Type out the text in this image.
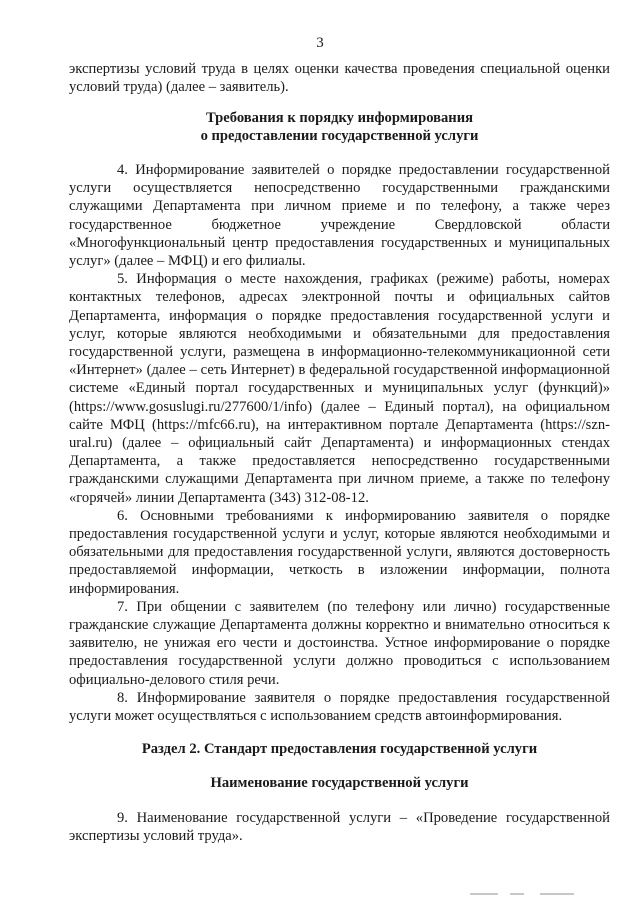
3

экспертизы условий труда в целях оценки качества проведения специальной оценки условий труда) (далее – заявитель).

Требования к порядку информирования

о предоставлении государственной услуги

4. Информирование заявителей о порядке предоставлении государственной услуги осуществляется непосредственно государственными гражданскими служащими Департамента при личном приеме и по телефону, а также через государственное бюджетное учреждение Свердловской области «Многофункциональный центр предоставления государственных и муниципальных услуг» (далее – МФЦ) и его филиалы.

5. Информация о месте нахождения, графиках (режиме) работы, номерах контактных телефонов, адресах электронной почты и официальных сайтов Департамента, информация о порядке предоставления государственной услуги и услуг, которые являются необходимыми и обязательными для предоставления государственной услуги, размещена в информационно-телекоммуникационной сети «Интернет» (далее – сеть Интернет) в федеральной государственной информационной системе «Единый портал государственных и муниципальных услуг (функций)» (https://www.gosuslugi.ru/277600/1/info) (далее – Единый портал), на официальном сайте МФЦ (https://mfc66.ru), на интерактивном портале Департамента (https://szn-ural.ru) (далее – официальный сайт Департамента) и информационных стендах Департамента, а также предоставляется непосредственно государственными гражданскими служащими Департамента при личном приеме, а также по телефону «горячей» линии Департамента (343) 312-08-12.

6. Основными требованиями к информированию заявителя о порядке предоставления государственной услуги и услуг, которые являются необходимыми и обязательными для предоставления государственной услуги, являются достоверность предоставляемой информации, четкость в изложении информации, полнота информирования.

7. При общении с заявителем (по телефону или лично) государственные гражданские служащие Департамента должны корректно и внимательно относиться к заявителю, не унижая его чести и достоинства. Устное информирование о порядке предоставления государственной услуги должно проводиться с использованием официально-делового стиля речи.

8. Информирование заявителя о порядке предоставления государственной услуги может осуществляться с использованием средств автоинформирования.

Раздел 2. Стандарт предоставления государственной услуги

Наименование государственной услуги

9. Наименование государственной услуги – «Проведение государственной экспертизы условий труда».
